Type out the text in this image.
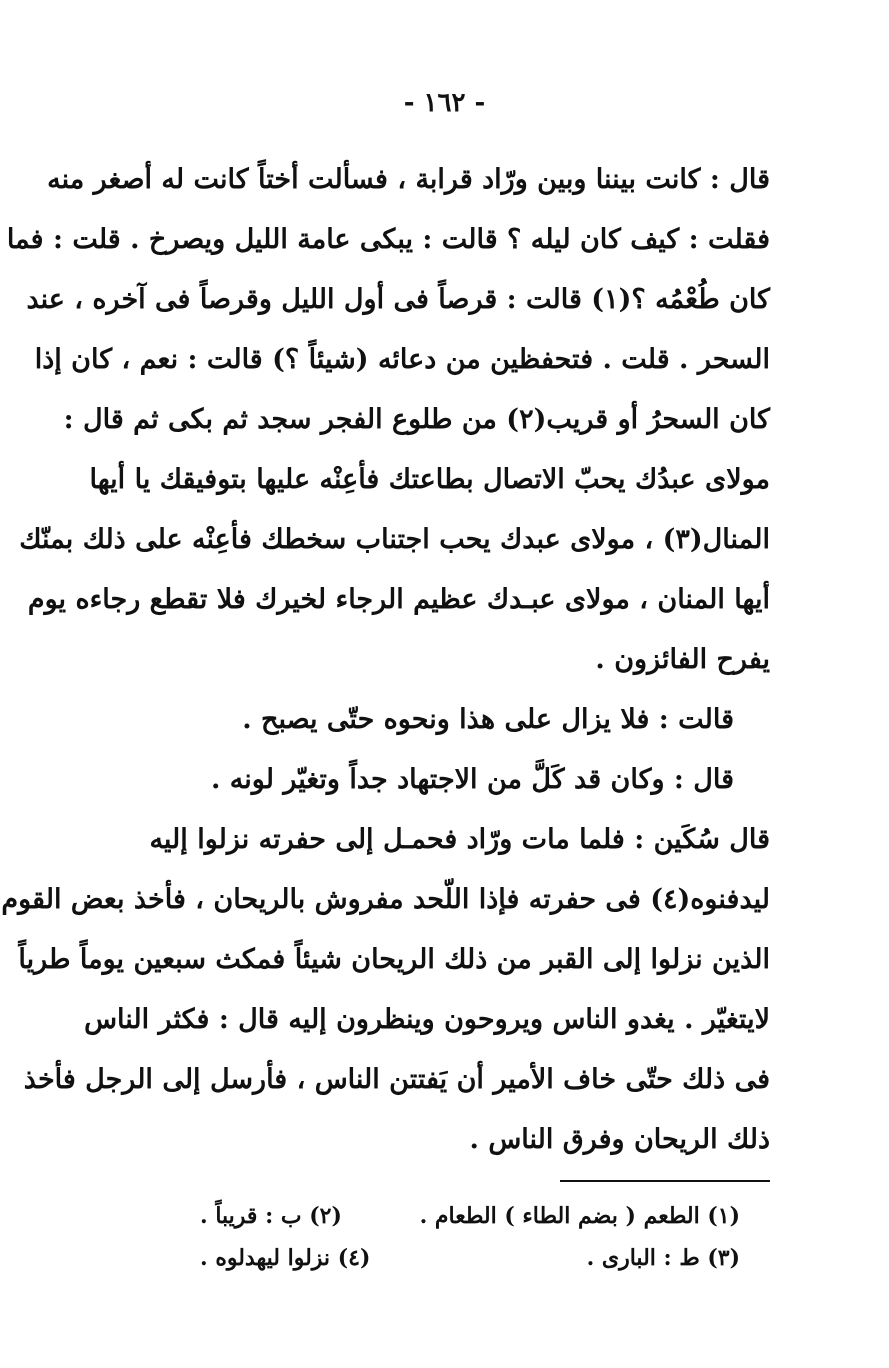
- ١٦٢ -

قال : كانت بيننا وبين ورّاد قرابة ، فسألت أختاً كانت له أصغر منه
فقلت : كيف كان ليله ؟ قالت : يبكى عامة الليل ويصرخ . قلت : فما
كان طُعْمُه ؟(١) قالت : قرصاً فى أول الليل وقرصاً فى آخره ، عند
السحر . قلت . فتحفظين من دعائه (شيئاً ؟) قالت : نعم ، كان إذا
كان السحرُ أو قريب(٢) من طلوع الفجر سجد ثم بكى ثم قال :
مولاى عبدُك يحبّ الاتصال بطاعتك فأعِنْه عليها بتوفيقك يا أيها
المنال(٣) ، مولاى عبدك يحب اجتناب سخطك فأعِنْه على ذلك بمنّك
أيها المنان ، مولاى عبـدك عظيم الرجاء لخيرك فلا تقطع رجاءه يوم
يفرح الفائزون .

قالت : فلا يزال على هذا ونحوه حتّى يصبح .

قال : وكان قد كَلَّ من الاجتهاد جداً وتغيّر لونه .

قال سُكَين : فلما مات ورّاد فحمـل إلى حفرته نزلوا إليه
ليدفنوه(٤) فى حفرته فإذا اللّحد مفروش بالريحان ، فأخذ بعض القوم
الذين نزلوا إلى القبر من ذلك الريحان شيئاً فمكث سبعين يوماً طرياً
لايتغيّر . يغدو الناس ويروحون وينظرون إليه قال : فكثر الناس
فى ذلك حتّى خاف الأمير أن يَفتتن الناس ، فأرسل إلى الرجل فأخذ
ذلك الريحان وفرق الناس .

(١) الطعم ( بضم الطاء ) الطعام .
(٢) ب : قريباً .
(٣) ط : البارى .
(٤) نزلوا ليهدلوه .
